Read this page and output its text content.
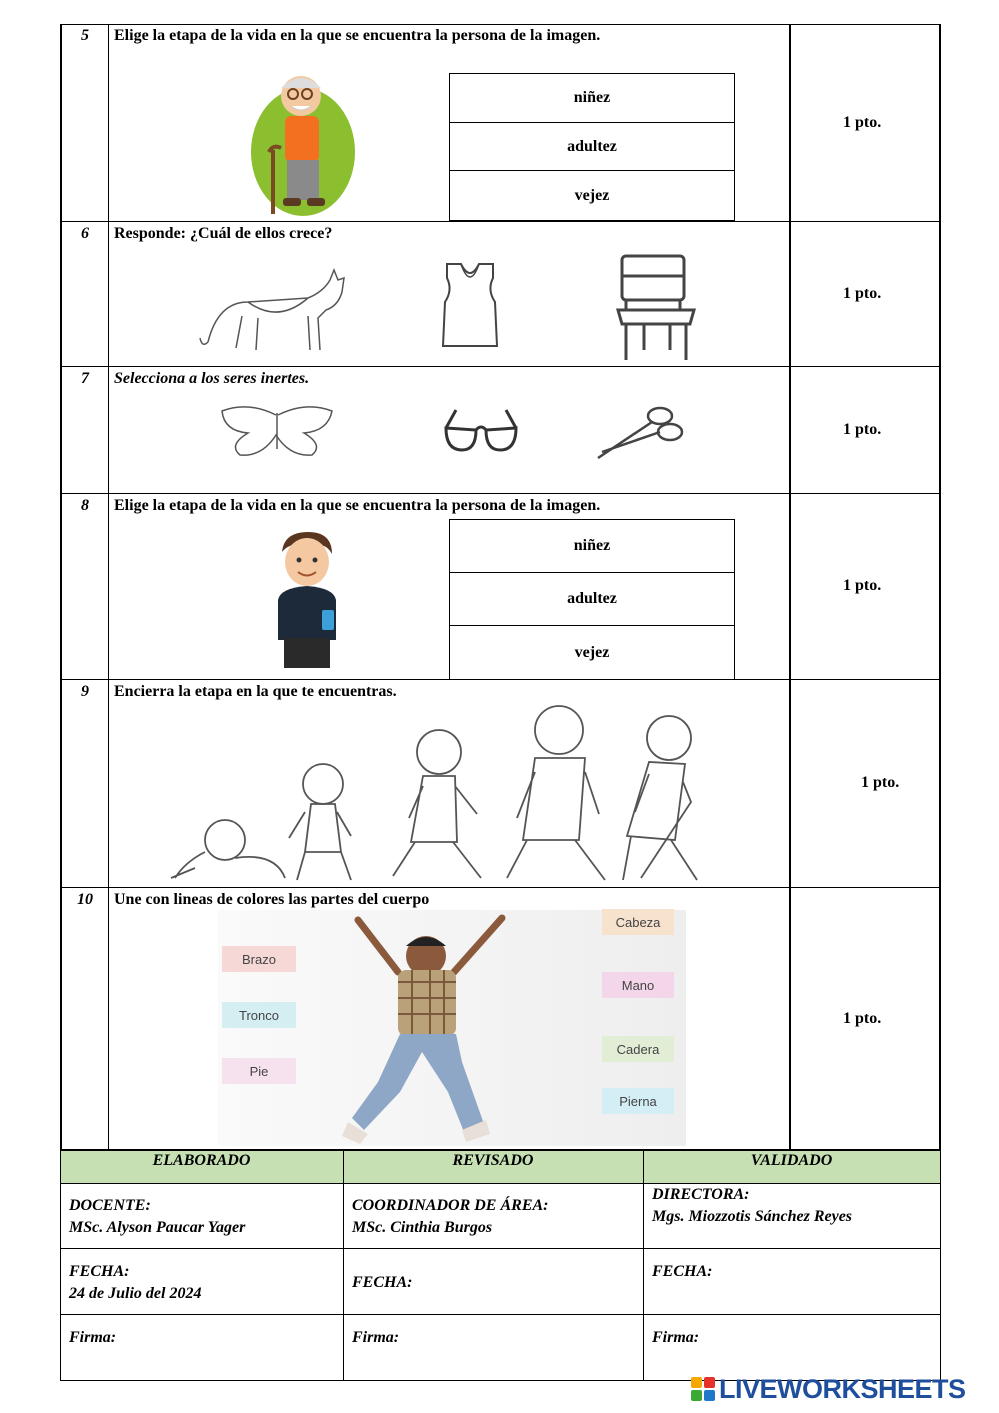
5	Elige la etapa de la vida en la que se encuentra la persona de la imagen.
niñez
adultez
vejez
1 pto.
6	Responde: ¿Cuál de ellos crece?
1 pto.
7	Selecciona a los seres inertes.
1 pto.
8	Elige la etapa de la vida en la que se encuentra la persona de la imagen.
niñez
adultez
vejez
1 pto.
9	Encierra la etapa en la que te encuentras.
1 pto.
10	Une con lineas de colores las partes del cuerpo
Brazo
Tronco
Pie
Cabeza
Mano
Cadera
Pierna
1 pto.
ELABORADO	REVISADO	VALIDADO
DOCENTE:
MSc. Alyson Paucar Yager
COORDINADOR DE ÁREA:
MSc. Cinthia Burgos
DIRECTORA:
Mgs. Miozzotis Sánchez Reyes
FECHA:
24 de Julio del 2024
FECHA:
FECHA:
Firma:	Firma:	Firma:
LIVEWORKSHEETS
